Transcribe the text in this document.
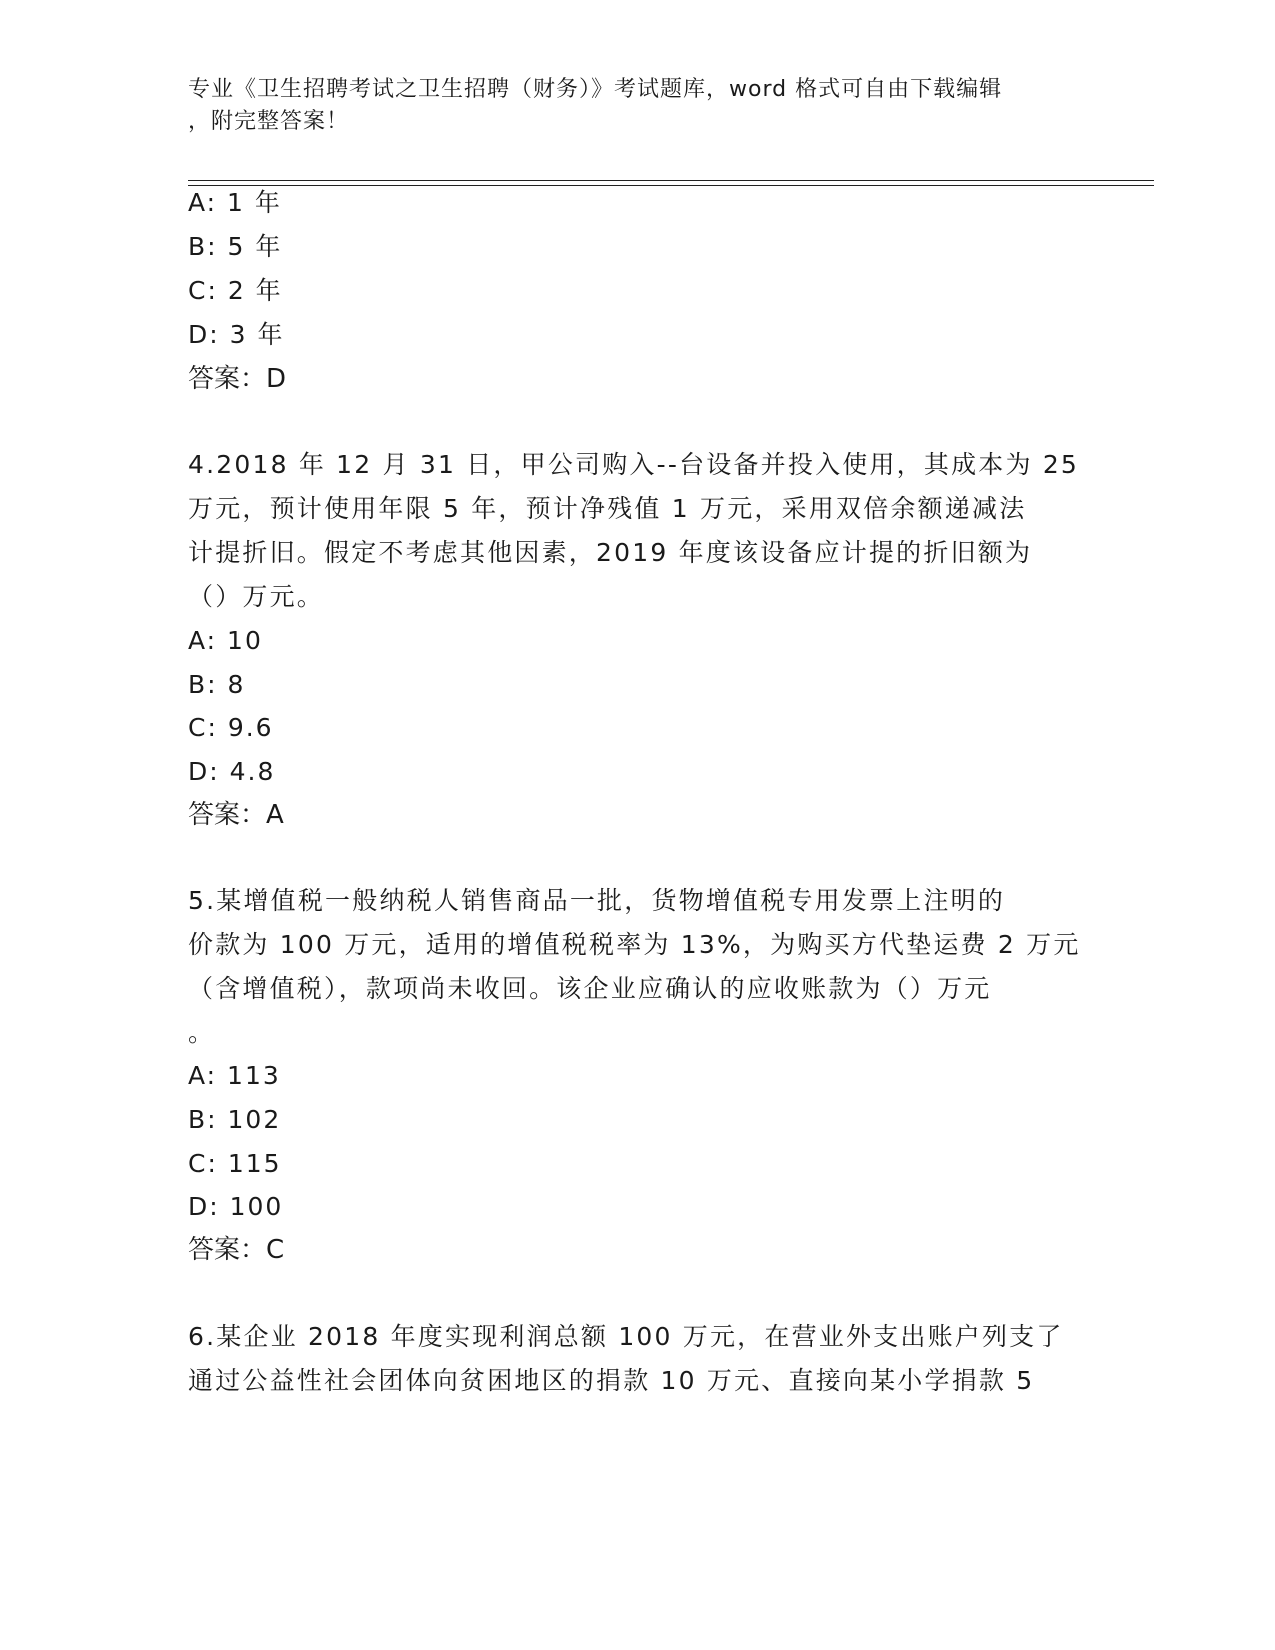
专业《卫生招聘考试之卫生招聘（财务）》考试题库，word 格式可自由下载编辑
，附完整答案！
A: 1 年
B: 5 年
C: 2 年
D: 3 年
答案：D
4.2018 年 12 月 31 日，甲公司购入--台设备并投入使用，其成本为 25
万元，预计使用年限 5 年，预计净残值 1 万元，采用双倍余额递减法
计提折旧。假定不考虑其他因素，2019 年度该设备应计提的折旧额为
（）万元。
A: 10
B: 8
C: 9.6
D: 4.8
答案：A
5.某增值税一般纳税人销售商品一批，货物增值税专用发票上注明的
价款为 100 万元，适用的增值税税率为 13%，为购买方代垫运费 2 万元
（含增值税），款项尚未收回。该企业应确认的应收账款为（）万元
。
A: 113
B: 102
C: 115
D: 100
答案：C
6.某企业 2018 年度实现利润总额 100 万元，在营业外支出账户列支了
通过公益性社会团体向贫困地区的捐款 10 万元、直接向某小学捐款 5
